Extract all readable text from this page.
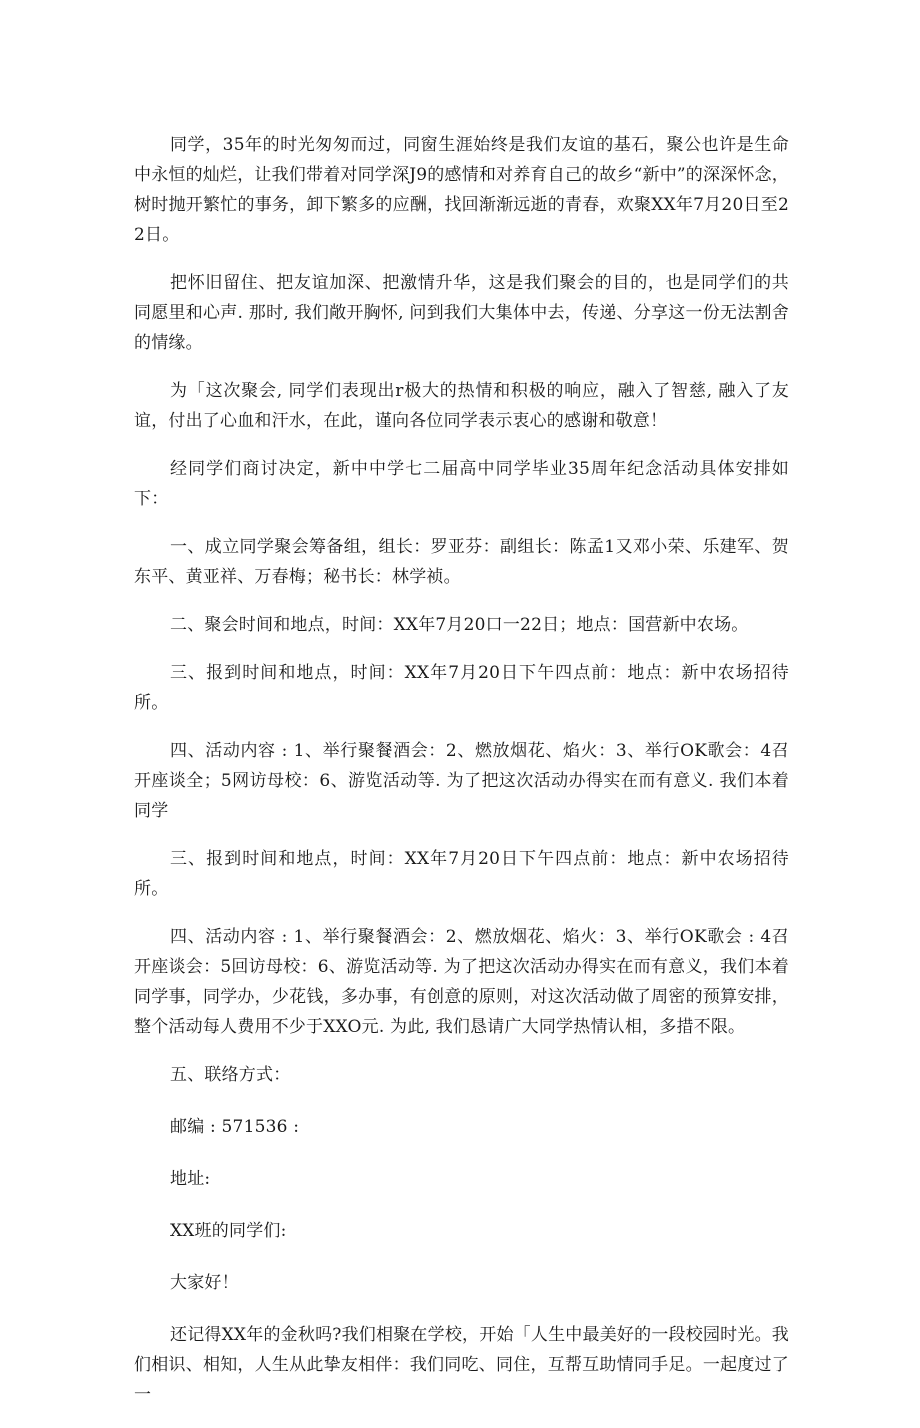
同学，35年的时光匆匆而过，同窗生涯始终是我们友谊的基石，聚公也许是生命中永恒的灿烂，让我们带着对同学深J9的感情和对养育自己的故乡“新中”的深深怀念，树时抛开繁忙的事务，卸下繁多的应酬，找回渐渐远逝的青春，欢聚XX年7月20日至22日。

把怀旧留住、把友谊加深、把激情升华，这是我们聚会的目的，也是同学们的共同愿里和心声. 那时, 我们敞开胸怀, 问到我们大集体中去，传递、分享这一份无法割舍的情缘。

为「这次聚会, 同学们表现出r极大的热情和积极的响应，融入了智慈, 融入了友谊，付出了心血和汗水，在此，谨向各位同学表示衷心的感谢和敬意！

经同学们商讨决定，新中中学七二届高中同学毕业35周年纪念活动具体安排如下：

一、成立同学聚会筹备组，组长：罗亚芬：副组长：陈孟1又邓小荣、乐建军、贺东平、黄亚祥、万春梅；秘书长：林学祯。

二、聚会时间和地点，时间：XX年7月20口一22日；地点：国营新中农场。

三、报到时间和地点，时间：XX年7月20日下午四点前：地点：新中农场招待所。

四、活动内容 : 1、举行聚餐酒会：2、燃放烟花、焰火：3、举行OK歌会：4召开座谈全；5网访母校：6、游览活动等. 为了把这次活动办得实在而有意义. 我们本着同学

三、报到时间和地点，时间：XX年7月20日下午四点前：地点：新中农场招待所。

四、活动内容 : 1、举行聚餐酒会：2、燃放烟花、焰火：3、举行OK歌会 : 4召开座谈会：5回访母校：6、游览活动等. 为了把这次活动办得实在而有意义，我们本着同学事，同学办，少花钱，多办事，有创意的原则，对这次活动做了周密的预算安排，整个活动每人费用不少于XXO元. 为此, 我们恳请广大同学热情认相，多措不限。

五、联络方式：

邮编 : 571536 :

地址:

XX班的同学们:

大家好！

还记得XX年的金秋吗?我们相聚在学校，开始「人生中最美好的一段校园时光。我们相识、相知，人生从此挚友相伴：我们同吃、同住，互帮互助情同手足。一起度过了一
